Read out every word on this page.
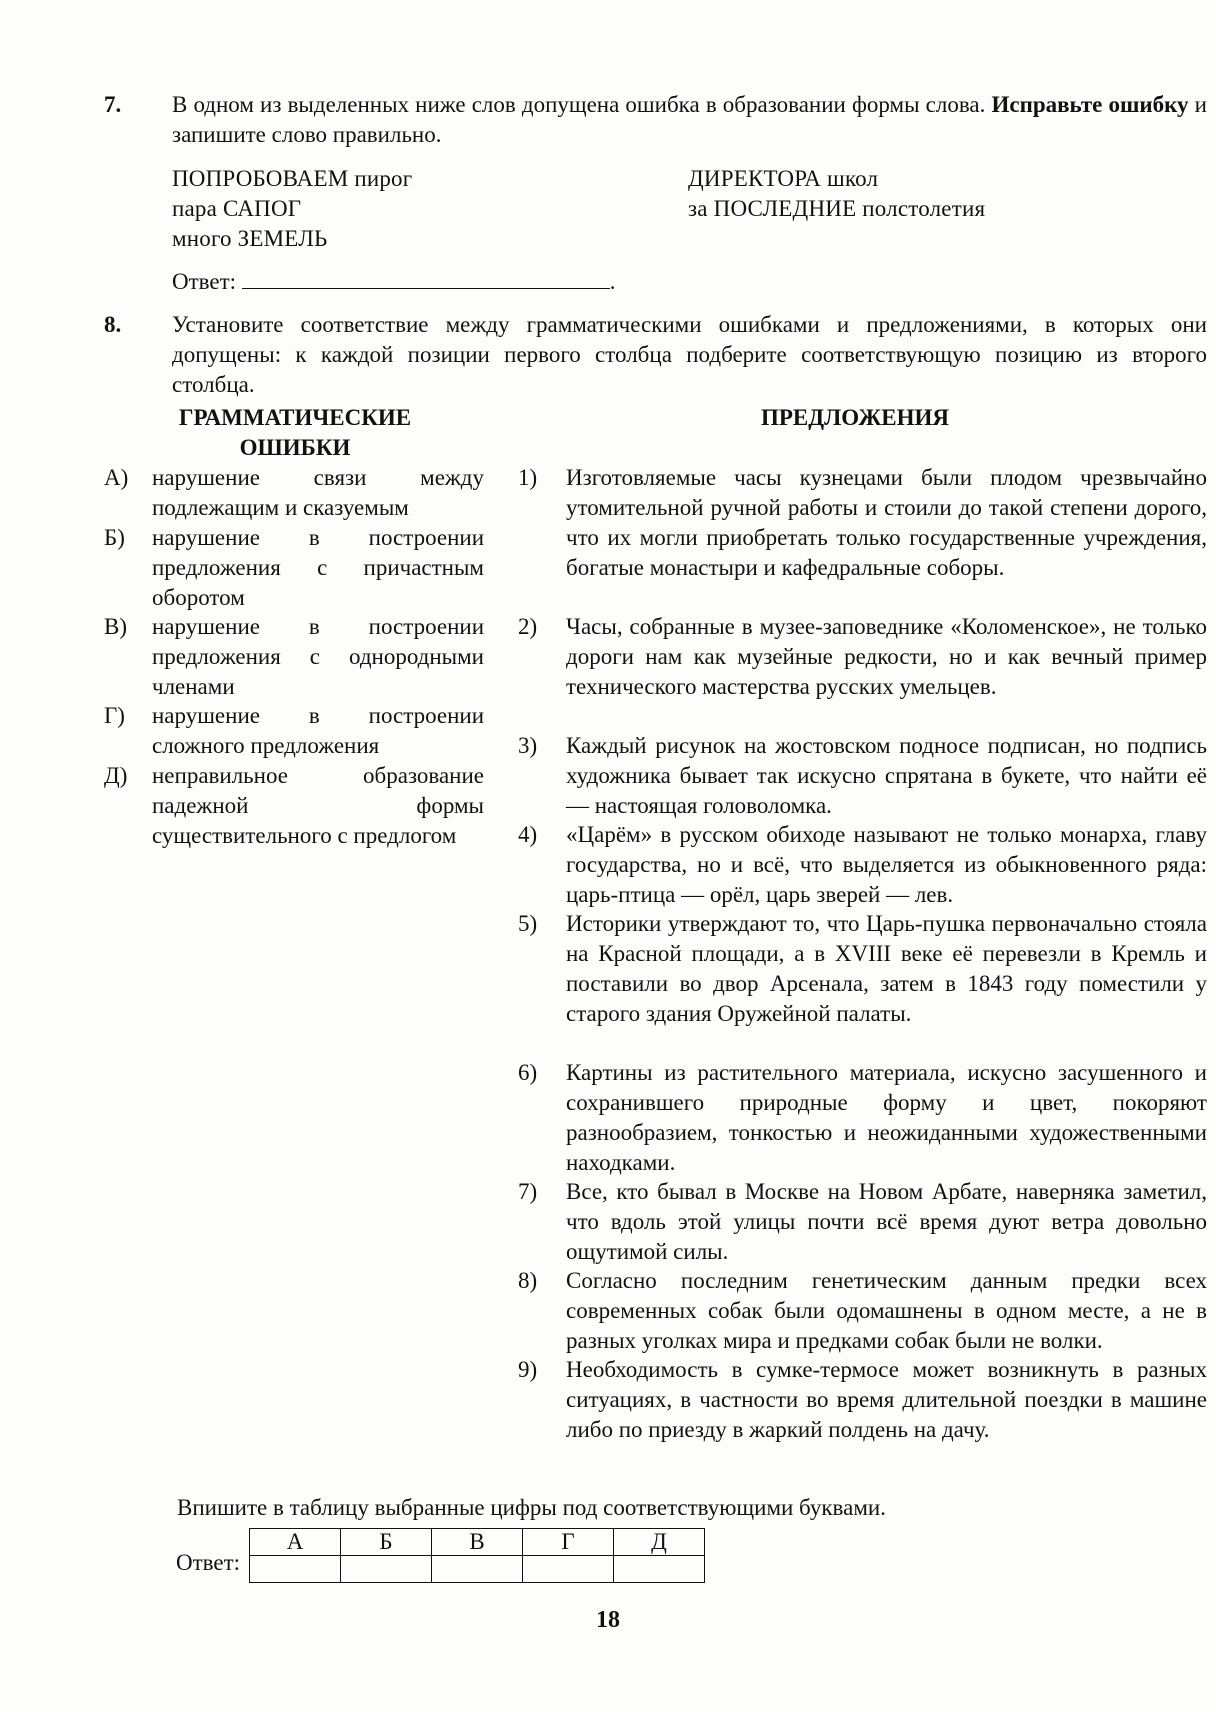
7. В одном из выделенных ниже слов допущена ошибка в образовании формы слова. Исправьте ошибку и запишите слово правильно.
ПОПРОБОВАЕМ пирог
пара САПОГ
много ЗЕМЕЛЬ
ДИРЕКТОРА школ
за ПОСЛЕДНИЕ полстолетия
Ответ:	.
8. Установите соответствие между грамматическими ошибками и предложениями, в которых они допущены: к каждой позиции первого столбца подберите соответствующую позицию из второго столбца.
ГРАММАТИЧЕСКИЕ ОШИБКИ
ПРЕДЛОЖЕНИЯ
А) нарушение связи между подлежащим и сказуемым
Б) нарушение в построении предложения с причастным оборотом
В) нарушение в построении предложения с однородными членами
Г) нарушение в построении сложного предложения
Д) неправильное образование падежной формы существительного с предлогом
1) Изготовляемые часы кузнецами были плодом чрезвычайно утомительной ручной работы и стоили до такой степени дорого, что их могли приобретать только государственные учреждения, богатые монастыри и кафедральные соборы.
2) Часы, собранные в музее-заповеднике «Коломенское», не только дороги нам как музейные редкости, но и как вечный пример технического мастерства русских умельцев.
3) Каждый рисунок на жостовском подносе подписан, но подпись художника бывает так искусно спрятана в букете, что найти её — настоящая головоломка.
4) «Царём» в русском обиходе называют не только монарха, главу государства, но и всё, что выделяется из обыкновенного ряда: царь-птица — орёл, царь зверей — лев.
5) Историки утверждают то, что Царь-пушка первоначально стояла на Красной площади, а в XVIII веке её перевезли в Кремль и поставили во двор Арсенала, затем в 1843 году поместили у старого здания Оружейной палаты.
6) Картины из растительного материала, искусно засушенного и сохранившего природные форму и цвет, покоряют разнообразием, тонкостью и неожиданными художественными находками.
7) Все, кто бывал в Москве на Новом Арбате, наверняка заметил, что вдоль этой улицы почти всё время дуют ветра довольно ощутимой силы.
8) Согласно последним генетическим данным предки всех современных собак были одомашнены в одном месте, а не в разных уголках мира и предками собак были не волки.
9) Необходимость в сумке-термосе может возникнуть в разных ситуациях, в частности во время длительной поездки в машине либо по приезду в жаркий полдень на дачу.
Впишите в таблицу выбранные цифры под соответствующими буквами.
Ответ:
А	Б	В	Г	Д

18
